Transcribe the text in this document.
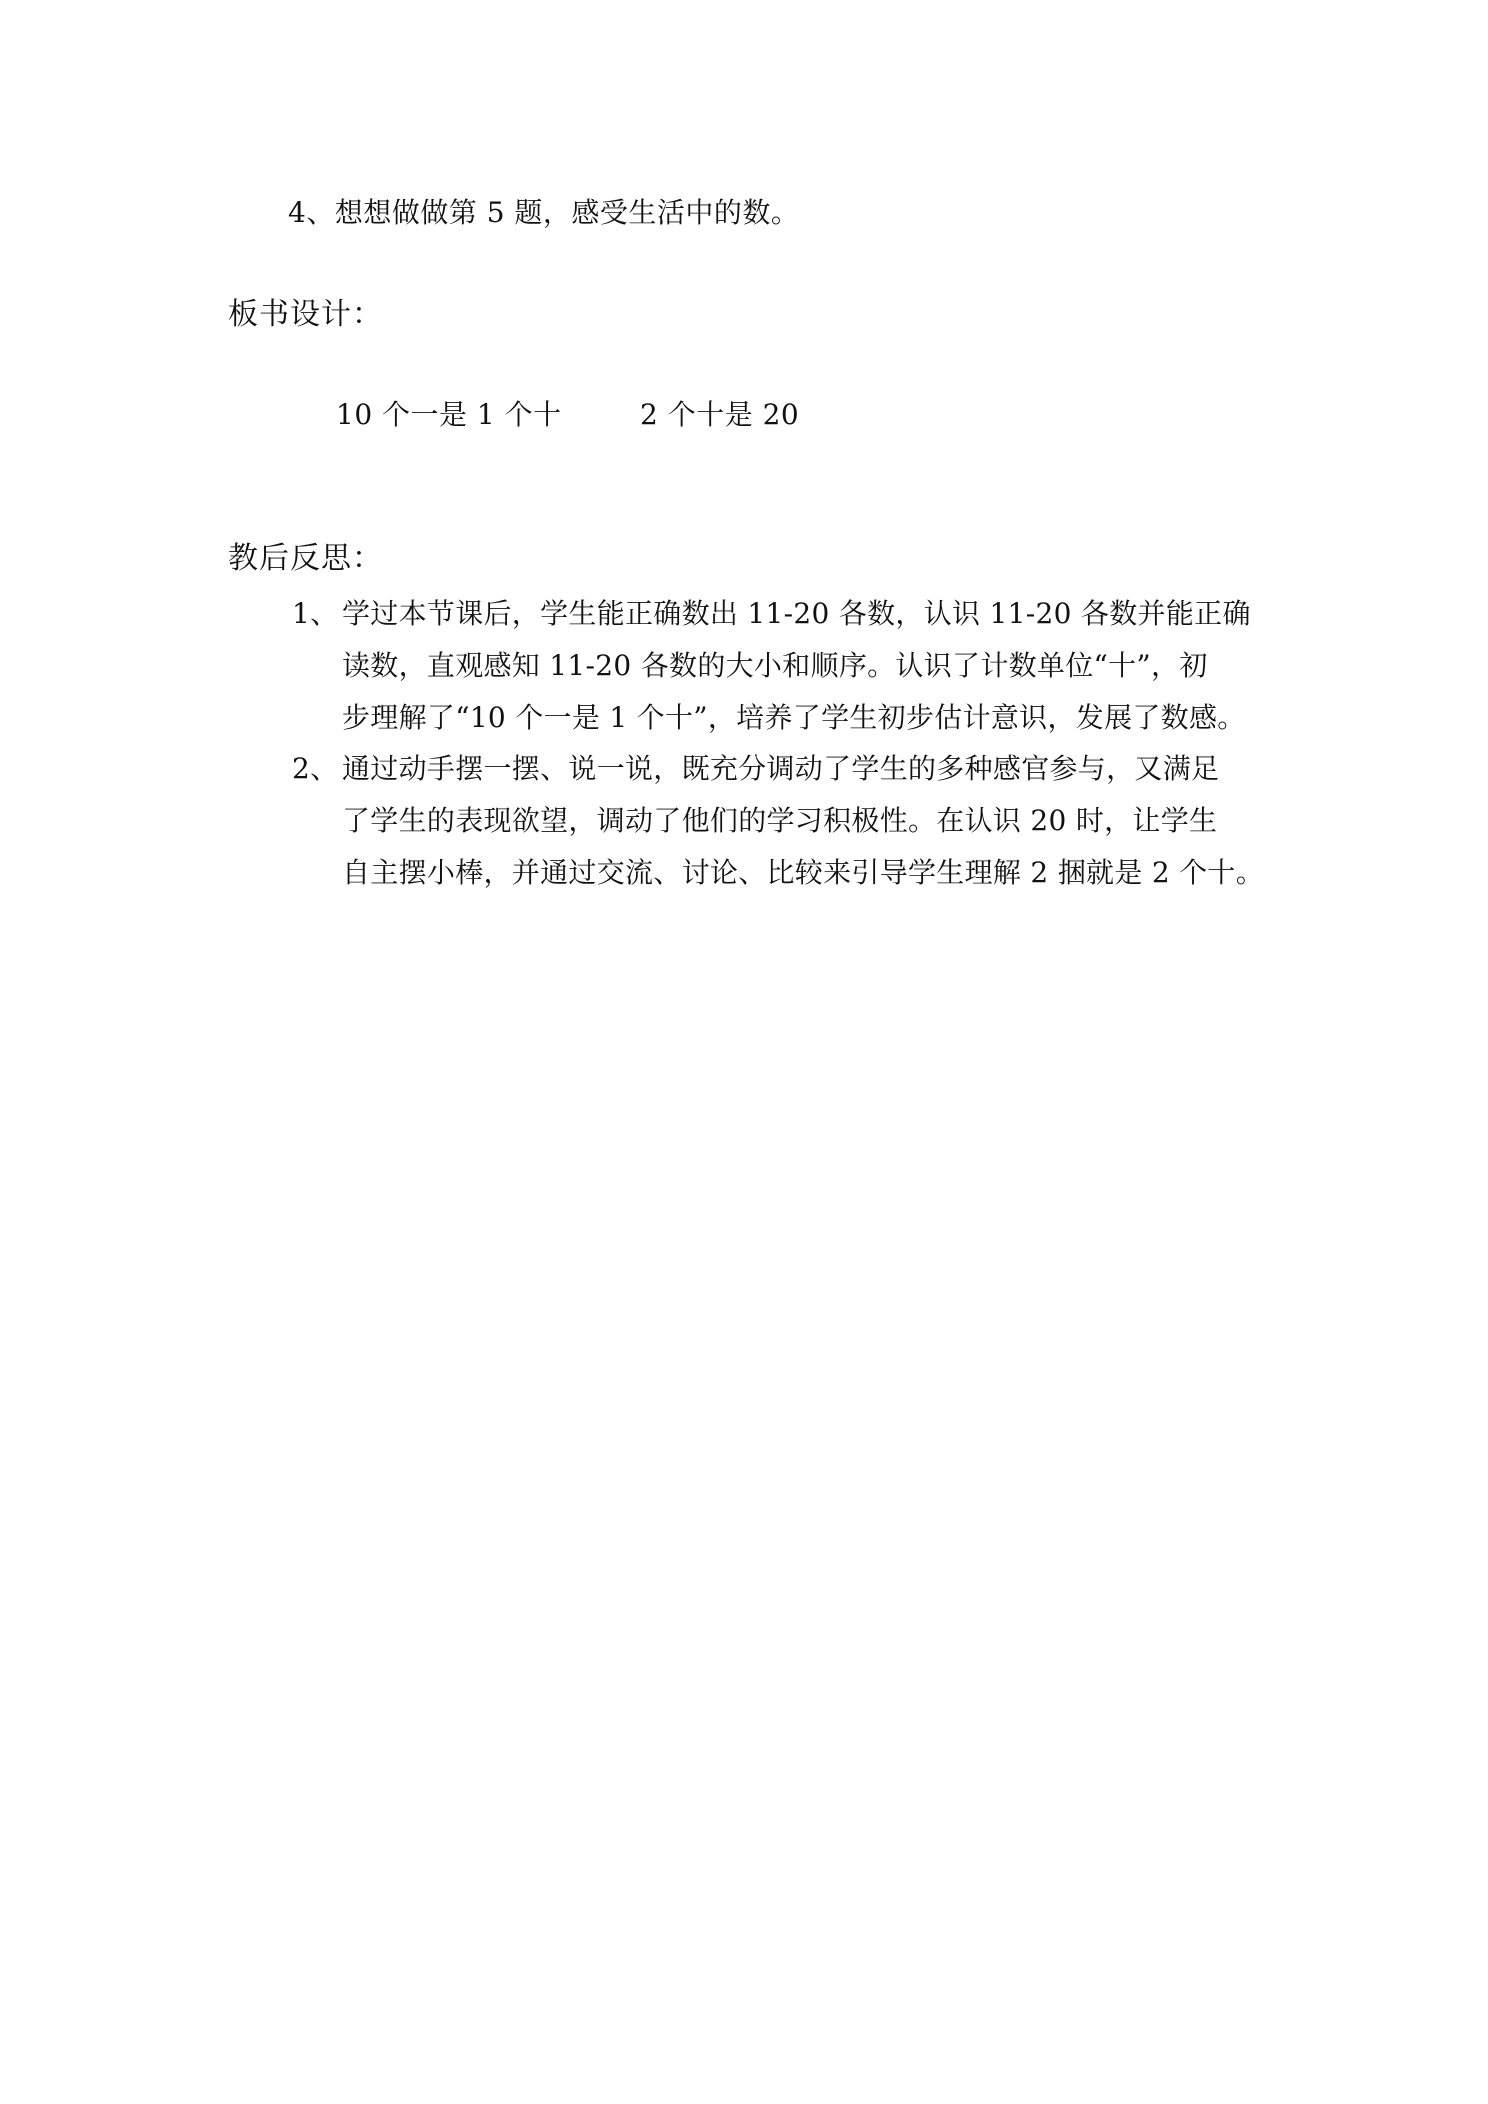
4、想想做做第 5 题，感受生活中的数。
板书设计：
10 个一是 1 个十	2 个十是 20
教后反思：
1、 学过本节课后，学生能正确数出 11-20 各数，认识 11-20 各数并能正确
读数，直观感知 11-20 各数的大小和顺序。认识了计数单位“十”，初
步理解了“10 个一是 1 个十”，培养了学生初步估计意识，发展了数感。
2、 通过动手摆一摆、说一说，既充分调动了学生的多种感官参与，又满足
了学生的表现欲望，调动了他们的学习积极性。在认识 20 时，让学生
自主摆小棒，并通过交流、讨论、比较来引导学生理解 2 捆就是 2 个十。
